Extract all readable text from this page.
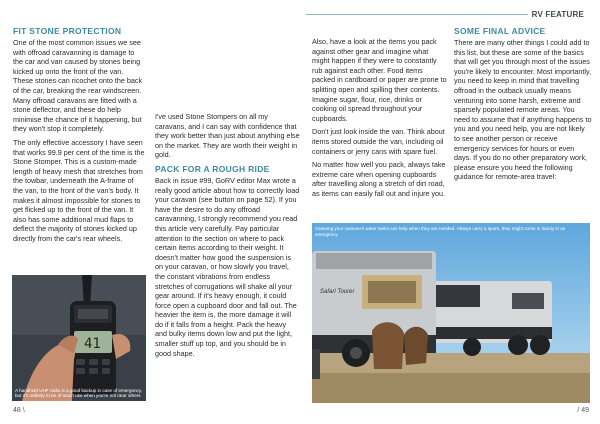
RV FEATURE
FIT STONE PROTECTION

One of the most common issues we see with offroad caravanning is damage to the car and van caused by stones being kicked up onto the front of the van. These stones can ricochet onto the back of the car, breaking the rear windscreen. Many offroad caravans are fitted with a stone deflector, and these do help minimise the chance of it happening, but they won't stop it completely.

The only effective accessory I have seen that works 99.9 per cent of the time is the Stone Stomper. This is a custom-made length of heavy mesh that stretches from the towbar, underneath the A-frame of the van, to the front of the van's body. It makes it almost impossible for stones to get flicked up to the front of the van. It also has some additional mud flaps to deflect the majority of stones kicked up directly from the car's rear wheels.

I've used Stone Stompers on all my caravans, and I can say with confidence that they work better than just about anything else on the market. They are worth their weight in gold.

PACK FOR A ROUGH RIDE

Back in issue #99, GoRV editor Max wrote a really good article about how to correctly load your caravan (see button on page 52). If you have the desire to do any offroad caravanning, I strongly recommend you read this article very carefully. Pay particular attention to the section on where to pack certain items according to their weight. It doesn't matter how good the suspension is on your caravan, or how slowly you travel, the constant vibrations from endless stretches of corrugations will shake all your gear around. If it's heavy enough, it could force open a cupboard door and fall out. The heavier the item is, the more damage it will do if it falls from a height. Pack the heavy and bulky items down low and put the light, smaller stuff up top, and you should be in good shape.

Also, have a look at the items you pack against other gear and imagine what might happen if they were to constantly rub against each other. Food items packed in cardboard or paper are prone to splitting open and spilling their contents. Imagine sugar, flour, rice, drinks or cooking oil spread throughout your cupboards.

Don't just look inside the van. Think about items stored outside the van, including oil containers or jerry cans with spare fuel.

No matter how well you pack, always take extreme care when opening cupboards after travelling along a stretch of dirt road, as items can easily fall out and injure you.

SOME FINAL ADVICE

There are many other things I could add to this list, but these are some of the basics that will get you through most of the issues you're likely to encounter. Most importantly, you need to keep in mind that travelling offroad in the outback usually means venturing into some harsh, extreme and sparsely populated remote areas. You need to assume that if anything happens to you and you need help, you are not likely to see another person or receive emergency services for hours or even days. If you do no other preparatory work, please ensure you heed the following guidance for remote-area travel:

41
A handheld UHF radio is a good backup in case of emergency, but it's unlikely to be of much use when you're not near others
Safari Tourer
Cleaning your caravan's water tanks can help when they are needed. Always carry a spare, they might come in handy in an emergency
48 \	/ 49
